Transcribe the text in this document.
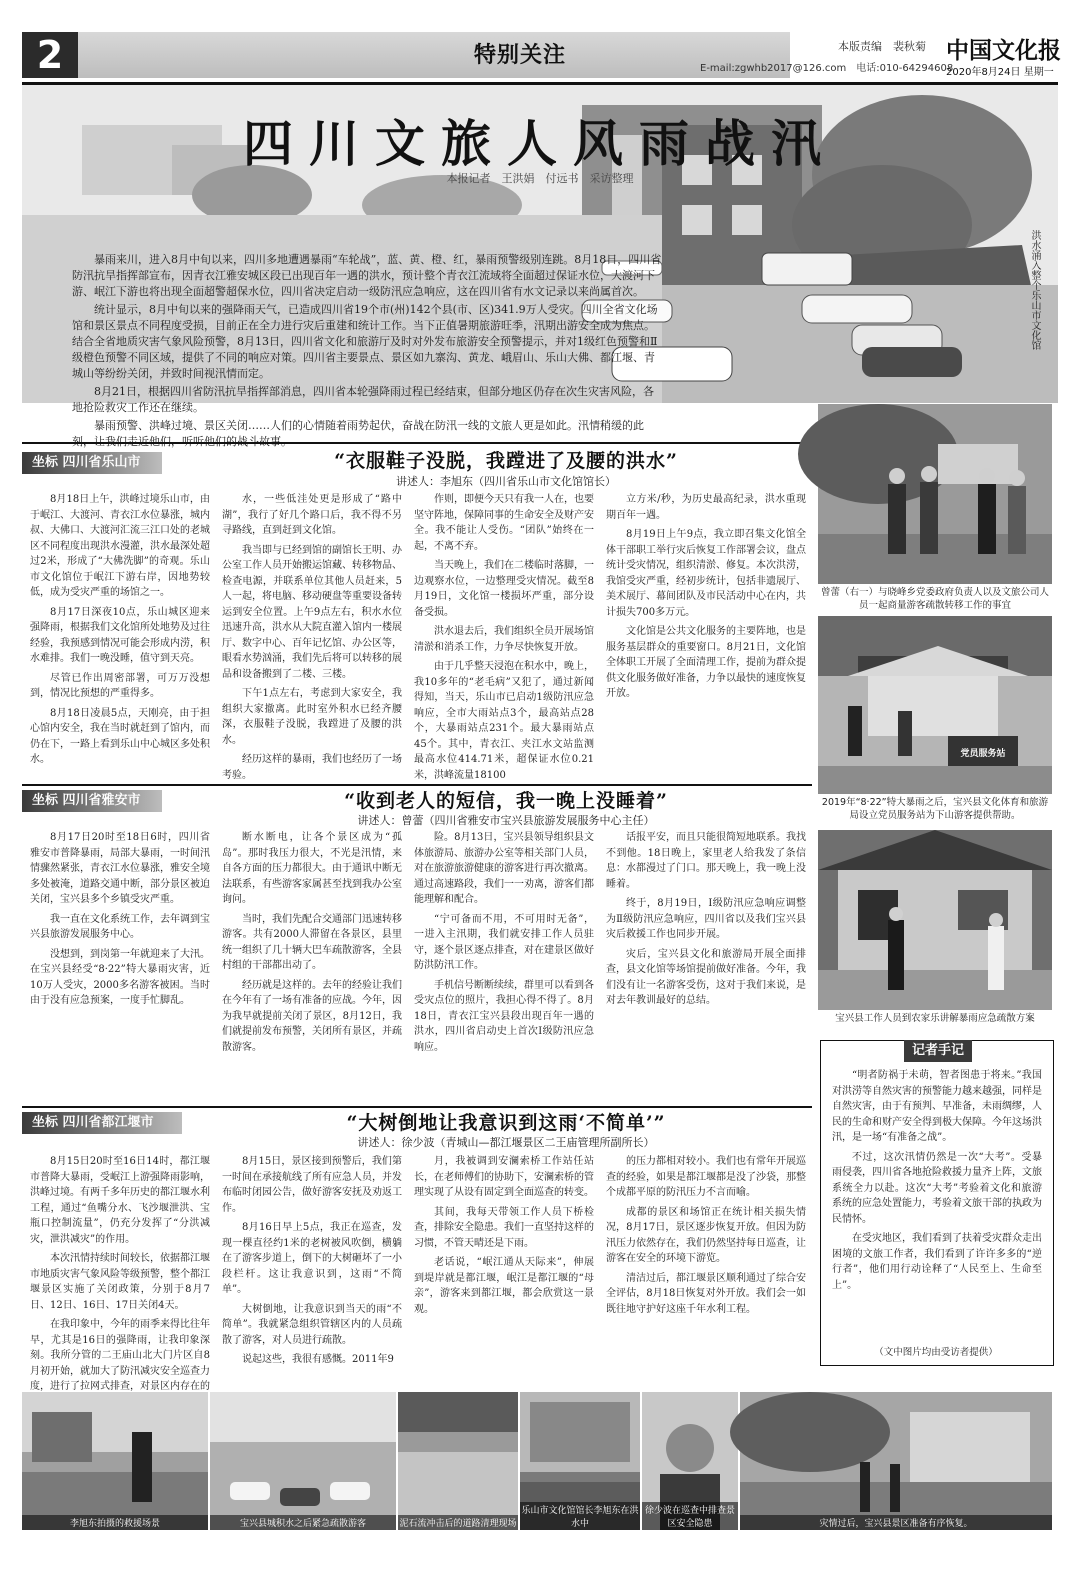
2	特别关注	本版责编　裴秋菊
E-mail:zgwhb2017@126.com　电话:010-64294608
中国文化报
2020年8月24日 星期一
四川文旅人风雨战汛
本报记者　王洪娟　付远书　采访整理
洪水涌入整个乐山市文化馆

暴雨来川，进入8月中旬以来，四川多地遭遇暴雨“车轮战”，蓝、黄、橙、红，暴雨预警级别连跳。8月18日，四川省防汛抗旱指挥部宣布，因青衣江雅安城区段已出现百年一遇的洪水，预计整个青衣江流域将全面超过保证水位，大渡河下游、岷江下游也将出现全面超警超保水位，四川省决定启动一级防汛应急响应，这在四川省有水文记录以来尚属首次。

统计显示，8月中旬以来的强降雨天气，已造成四川省19个市(州)142个县(市、区)341.9万人受灾。四川全省文化场馆和景区景点不同程度受损，目前正在全力进行灾后重建和统计工作。当下正值暑期旅游旺季，汛期出游安全成为焦点。结合全省地质灾害气象风险预警，8月13日，四川省文化和旅游厅及时对外发布旅游安全预警提示，并对1级红色预警和Ⅱ级橙色预警不同区域，提供了不同的响应对策。四川省主要景点、景区如九寨沟、黄龙、峨眉山、乐山大佛、都江堰、青城山等纷纷关闭，并致时间视汛情而定。

8月21日，根据四川省防汛抗旱指挥部消息，四川省本轮强降雨过程已经结束，但部分地区仍存在次生灾害风险，各地抢险救灾工作还在继续。

暴雨预警、洪峰过境、景区关闭……人们的心情随着雨势起伏，奋战在防汛一线的文旅人更是如此。汛情稍缓的此

坐标 四川省乐山市	“衣服鞋子没脱，我蹚进了及腰的洪水”
讲述人：李旭东（四川省乐山市文化馆馆长）

8月18日上午，洪峰过境乐山市，由于岷江、大渡河、青衣江水位暴涨，城内叔、大佛口、大渡河汇流三江口处的老城区不同程度出现洪水漫灌，洪水最深处超过2米，形成了“大佛洗脚”的奇观。乐山市文化馆位于岷江下游右岸，因地势较低，成为受灾严重的场馆之一。

8月17日深夜10点，乐山城区迎来强降雨，根据我们文化馆所处地势及过往经验，我预感到情况可能会形成内涝，积水难排。我们一晚没睡，值守到天亮。

尽管已作出周密部署，可万万没想到，情况比预想的严重得多。

8月18日凌晨5点，天刚亮，由于担心馆内安全，我在当时就赶到了馆内，而仍在下，一路上看到乐山中心城区多处积水。

水，一些低洼处更是形成了“路中湖”，我行了好几个路口后，我不得不另寻路线，直到赶到文化馆。

我当即与已经到馆的副馆长王明、办公室工作人员开始搬运馆藏、转移物品、检查电源，并联系单位其他人员赶来，5人一起，将电脑、移动硬盘等重要设备转运到安全位置。上午9点左右，积水水位迅速升高，洪水从大院直灌入馆内一楼展厅、数字中心、百年记忆馆、办公区等，眼看水势汹涌，我们先后将可以转移的展品和设备搬到了二楼、三楼。

下午1点左右，考虑到大家安全，我组织大家撤离。此时室外积水已经齐腰深，衣服鞋子没脱，我蹚进了及腰的洪水。

经历这样的暴雨，我们也经历了一场考验。

作则，即便今天只有我一人在，也要坚守阵地，保障同事的生命安全及财产安全。我不能让人受伤。“团队”始终在一起，不离不弃。

当天晚上，我们在二楼临时落脚，一边观察水位，一边整理受灾情况。截至8月19日，文化馆一楼损坏严重，部分设备受损。

洪水退去后，我们组织全员开展场馆清淤和消杀工作，力争尽快恢复开放。

由于几乎整天浸泡在积水中，晚上，我10多年的“老毛病”又犯了，通过新闻得知，当天，乐山市已启动1级防汛应急响应，全市大雨站点3个，最高站点28个，大暴雨站点231个。最大暴雨站点45个。其中，青衣江、夹江水文站监测最高水位414.71米，超保证水位0.21米，洪峰流量18100

立方米/秒，为历史最高纪录，洪水重现期百年一遇。

8月19日上午9点，我立即召集文化馆全体干部职工举行灾后恢复工作部署会议，盘点统计受灾情况，组织清淤、修复。本次洪涝，我馆受灾严重，经初步统计，包括非遗展厅、美术展厅、幕间团队及市民活动中心在内，共计损失700多万元。

文化馆是公共文化服务的主要阵地，也是服务基层群众的重要窗口。8月21日，文化馆全体职工开展了全面清理工作，提前为群众提供文化服务做好准备，力争以最快的速度恢复开放。

坐标 四川省雅安市	“收到老人的短信，我一晚上没睡着”
讲述人：曾蕾（四川省雅安市宝兴县旅游发展服务中心主任）

8月17日20时至18日6时，四川省雅安市普降暴雨，局部大暴雨，一时间汛情骤然紧张，青衣江水位暴涨，雅安全境多处被淹，道路交通中断，部分景区被迫关闭，宝兴县多个乡镇受灾严重。

我一直在文化系统工作，去年调到宝兴县旅游发展服务中心。

没想到，到岗第一年就迎来了大汛。在宝兴县经受“8·22”特大暴雨灾害，近10万人受灾，2000多名游客被困。当时由于没有应急预案，一度手忙脚乱。

断水断电，让各个景区成为“孤岛”。那时我压力很大，不光是汛情，来自各方面的压力都很大。由于通讯中断无法联系，有些游客家属甚至找到我办公室询问。

当时，我们先配合交通部门迅速转移游客。共有2000人滞留在各景区，县里统一组织了几十辆大巴车疏散游客，全县村组的干部都出动了。

经历就是这样的。去年的经验让我们在今年有了一场有准备的应战。今年，因为我早就提前关闭了景区，8月12日，我们就提前发布预警，关闭所有景区，并疏散游客。

险。8月13日，宝兴县领导组织县文体旅游局、旅游办公室等相关部门人员，对在旅游旅游健康的游客进行再次撤离。通过高速路段，我们一一劝离，游客们都能理解和配合。

“宁可备而不用，不可用时无备”，一进入主汛期，我们就安排工作人员驻守，逐个景区逐点排查，对在建景区做好防洪防汛工作。

手机信号断断续续，群里可以看到各受灾点位的照片，我担心得不得了。8月18日，青衣江宝兴县段出现百年一遇的洪水，四川省启动史上首次I级防汛应急响应。

话报平安，而且只能很简短地联系。我找不到他。18日晚上，家里老人给我发了条信息：水都漫过了门口。那天晚上，我一晚上没睡着。

终于，8月19日，I级防汛应急响应调整为Ⅱ级防汛应急响应，四川省以及我们宝兴县灾后救援工作也同步开展。

灾后，宝兴县文化和旅游局开展全面排查，县文化馆等场馆提前做好准备。今年，我们没有让一名游客受伤，这对于我们来说，是对去年教训最好的总结。

坐标 四川省都江堰市	“大树倒地让我意识到这雨‘不简单’”
讲述人：徐少波（青城山—都江堰景区二王庙管理所副所长）

8月15日20时至16日14时，都江堰市普降大暴雨，受岷江上游强降雨影响，洪峰过境。有两千多年历史的都江堰水利工程，通过“鱼嘴分水、飞沙堰泄洪、宝瓶口控制流量”，仍充分发挥了“分洪减灾，泄洪减灾”的作用。

本次汛情持续时间较长，依据都江堰市地质灾害气象风险等级预警，整个都江堰景区实施了关闭政策，分别于8月7日、12日、16日、17日关闭4天。

在我印象中，今年的雨季来得比往年早，尤其是16日的强降雨，让我印象深刻。我所分管的二王庙山北大门片区自8月初开始，就加大了防汛减灾安全巡查力度，进行了拉网式排查，对景区内存在的

8月15日，景区接到预警后，我们第一时间在承接航线了所有应急人员，并发布临时闭园公告，做好游客安抚及劝返工作。

8月16日早上5点，我正在巡查，发现一棵直径约1米的老树被风吹倒，横躺在了游客步道上，倒下的大树砸坏了一小段栏杆。这让我意识到，这雨“不简单”。

大树倒地，让我意识到当天的雨“不简单”。我就紧急组织管辖区内的人员疏散了游客，对人员进行疏散。

说起这些，我很有感慨。2011年9

月，我被调到安澜索桥工作站任站长，在老师傅们的协助下，安澜索桥的管理实现了从设有固定到全面巡查的转变。

其间，我每天带领工作人员下桥检查，排除安全隐患。我们一直坚持这样的习惯，不管天晴还是下雨。

老话说，“岷江通从天际来”，伸展到堤岸就是都江堰，岷江是都江堰的“母亲”，游客来到都江堰，都会欣赏这一景观。

的压力都相对较小。我们也有常年开展巡查的经验，如果是都江堰都是没了沙袋，那整个成都平原的防汛压力不言而喻。

成都的景区和场馆正在统计相关损失情况，8月17日，景区逐步恢复开放。但因为防汛压力依然存在，我们仍然坚持每日巡查，让游客在安全的环境下游览。

清洁过后，都江堰景区顺利通过了综合安全评估，8月18日恢复对外开放。我们会一如既往地守护好这座千年水利工程。

曾蕾（右一）与晓峰乡党委政府负责人以及文旅公司人员一起商量游客疏散转移工作的事宜
党员服务站
2019年“8·22”特大暴雨之后，宝兴县文化体育和旅游局设立党员服务站为下山游客提供帮助。
宝兴县工作人员到农家乐讲解暴雨应急疏散方案
记者手记

“明者防祸于未萌，智者图患于将来。”我国对洪涝等自然灾害的预警能力越来越强，同样是自然灾害，由于有预判、早准备，未雨绸缪，人民的生命和财产安全得到极大保障。今年这场洪汛，是一场“有准备之战”。

不过，这次汛情仍然是一次“大考”。受暴雨侵袭，四川省各地抢险救援力量齐上阵，文旅系统全力以赴。这次“大考”考验着文化和旅游系统的应急处置能力，考验着文旅干部的执政为民情怀。

在受灾地区，我们看到了扶着受灾群众走出困境的文旅工作者，我们看到了许许多多的“逆行者”，他们用行动诠释了“人民至上、生命至上”。

（文中图片均由受访者提供）
李旭东拍摄的救援场景	宝兴县城积水之后紧急疏散游客	泥石流冲击后的道路清理现场
乐山市文化馆馆长李旭东在洪水中
徐少波在巡查中排查景区安全隐患	灾情过后，宝兴县景区准备有序恢复。
